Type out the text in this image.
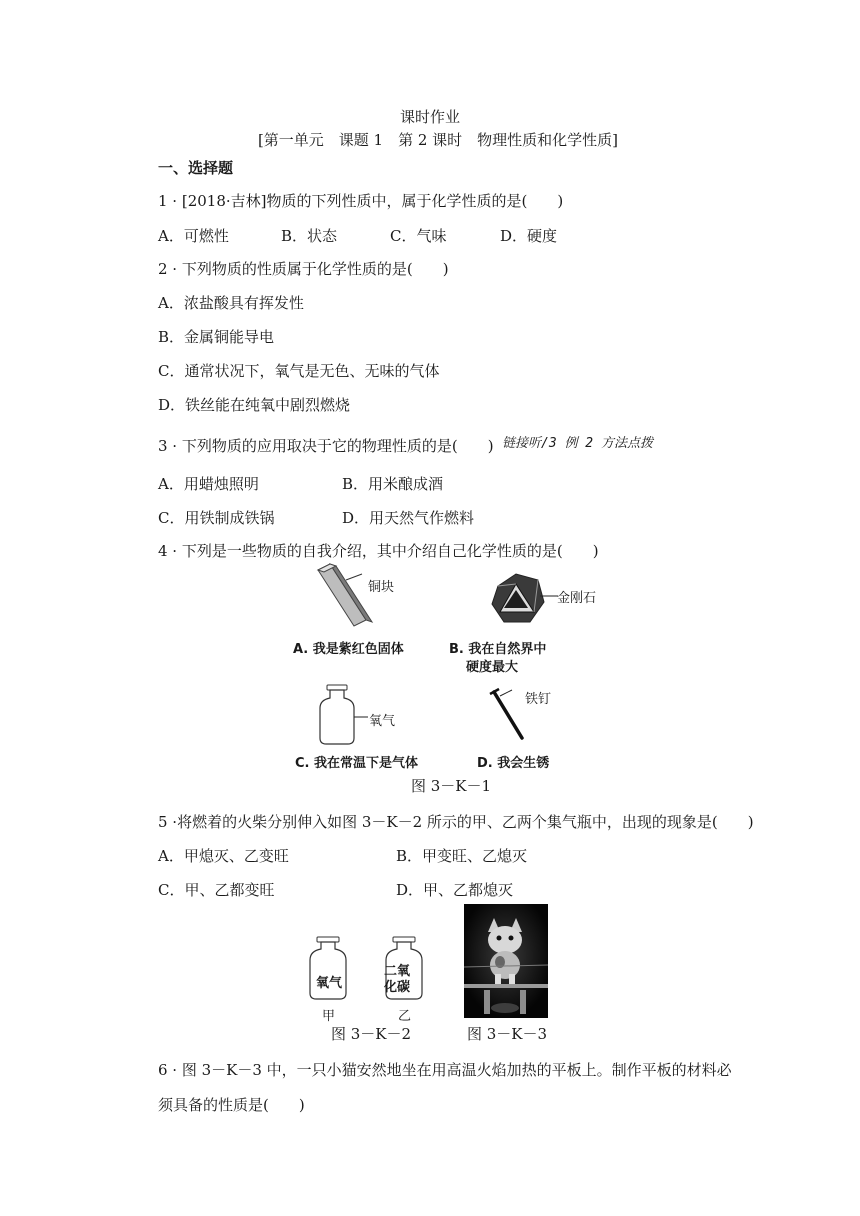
课时作业
[第一单元　课题 1　第 2 课时　物理性质和化学性质]
一、选择题
1 · [2018·吉林]物质的下列性质中，属于化学性质的是(　　)
A．可燃性	B．状态	C．气味	D．硬度
2 · 下列物质的性质属于化学性质的是(　　)
A．浓盐酸具有挥发性
B．金属铜能导电
C．通常状况下，氧气是无色、无味的气体
D．铁丝能在纯氧中剧烈燃烧
3 · 下列物质的应用取决于它的物理性质的是(　　) 链接听/3 例 2 方法点拨
A．用蜡烛照明	B．用米酿成酒
C．用铁制成铁锅	D．用天然气作燃料
4 · 下列是一些物质的自我介绍，其中介绍自己化学性质的是(　　)
铜块
A. 我是紫红色固体
金刚石
B. 我在自然界中
硬度最大
氧气
C. 我在常温下是气体
铁钉
D. 我会生锈
图 3－K－1
5 ·将燃着的火柴分别伸入如图 3－K－2 所示的甲、乙两个集气瓶中，出现的现象是(　　)
A．甲熄灭、乙变旺	B．甲变旺、乙熄灭
C．甲、乙都变旺	D．甲、乙都熄灭
氧气
二氧
化碳
甲	乙
图 3－K－2	图 3－K－3
6 · 图 3－K－3 中，一只小猫安然地坐在用高温火焰加热的平板上。制作平板的材料必
须具备的性质是(　　)
